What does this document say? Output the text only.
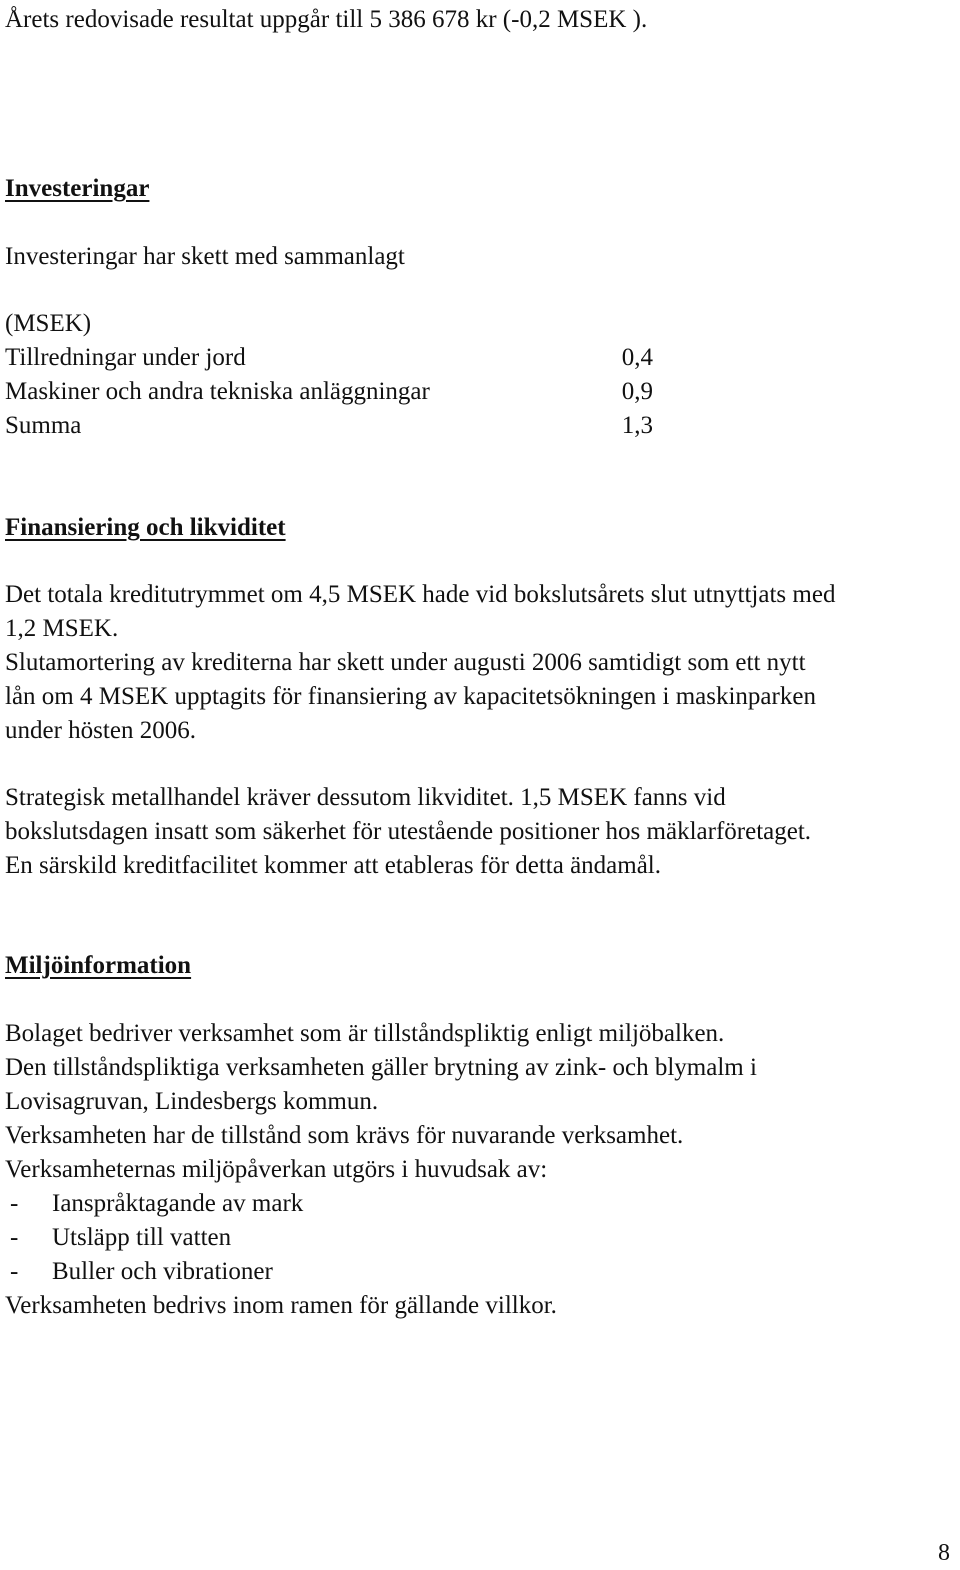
Årets redovisade resultat uppgår till 5 386 678 kr (-0,2 MSEK ).
Investeringar
Investeringar har skett med sammanlagt
(MSEK)
Tillredningar under jord	0,4
Maskiner och andra tekniska anläggningar	0,9
Summa	1,3
Finansiering och likviditet
Det totala kreditutrymmet om 4,5 MSEK hade vid bokslutsårets slut utnyttjats med
1,2 MSEK.
Slutamortering av krediterna har skett under augusti 2006 samtidigt som ett nytt
lån om 4 MSEK upptagits för finansiering av kapacitetsökningen i maskinparken
under hösten 2006.
Strategisk metallhandel kräver dessutom likviditet. 1,5 MSEK fanns vid
bokslutsdagen insatt som säkerhet för utestående positioner hos mäklarföretaget.
En särskild kreditfacilitet kommer att etableras för detta ändamål.
Miljöinformation
Bolaget bedriver verksamhet som är tillståndspliktig enligt miljöbalken.
Den tillståndspliktiga verksamheten gäller brytning av zink- och blymalm i
Lovisagruvan, Lindesbergs kommun.
Verksamheten har de tillstånd som krävs för nuvarande verksamhet.
Verksamheternas miljöpåverkan utgörs i huvudsak av:
- Ianspråktagande av mark
- Utsläpp till vatten
- Buller och vibrationer
Verksamheten bedrivs inom ramen för gällande villkor.
8
